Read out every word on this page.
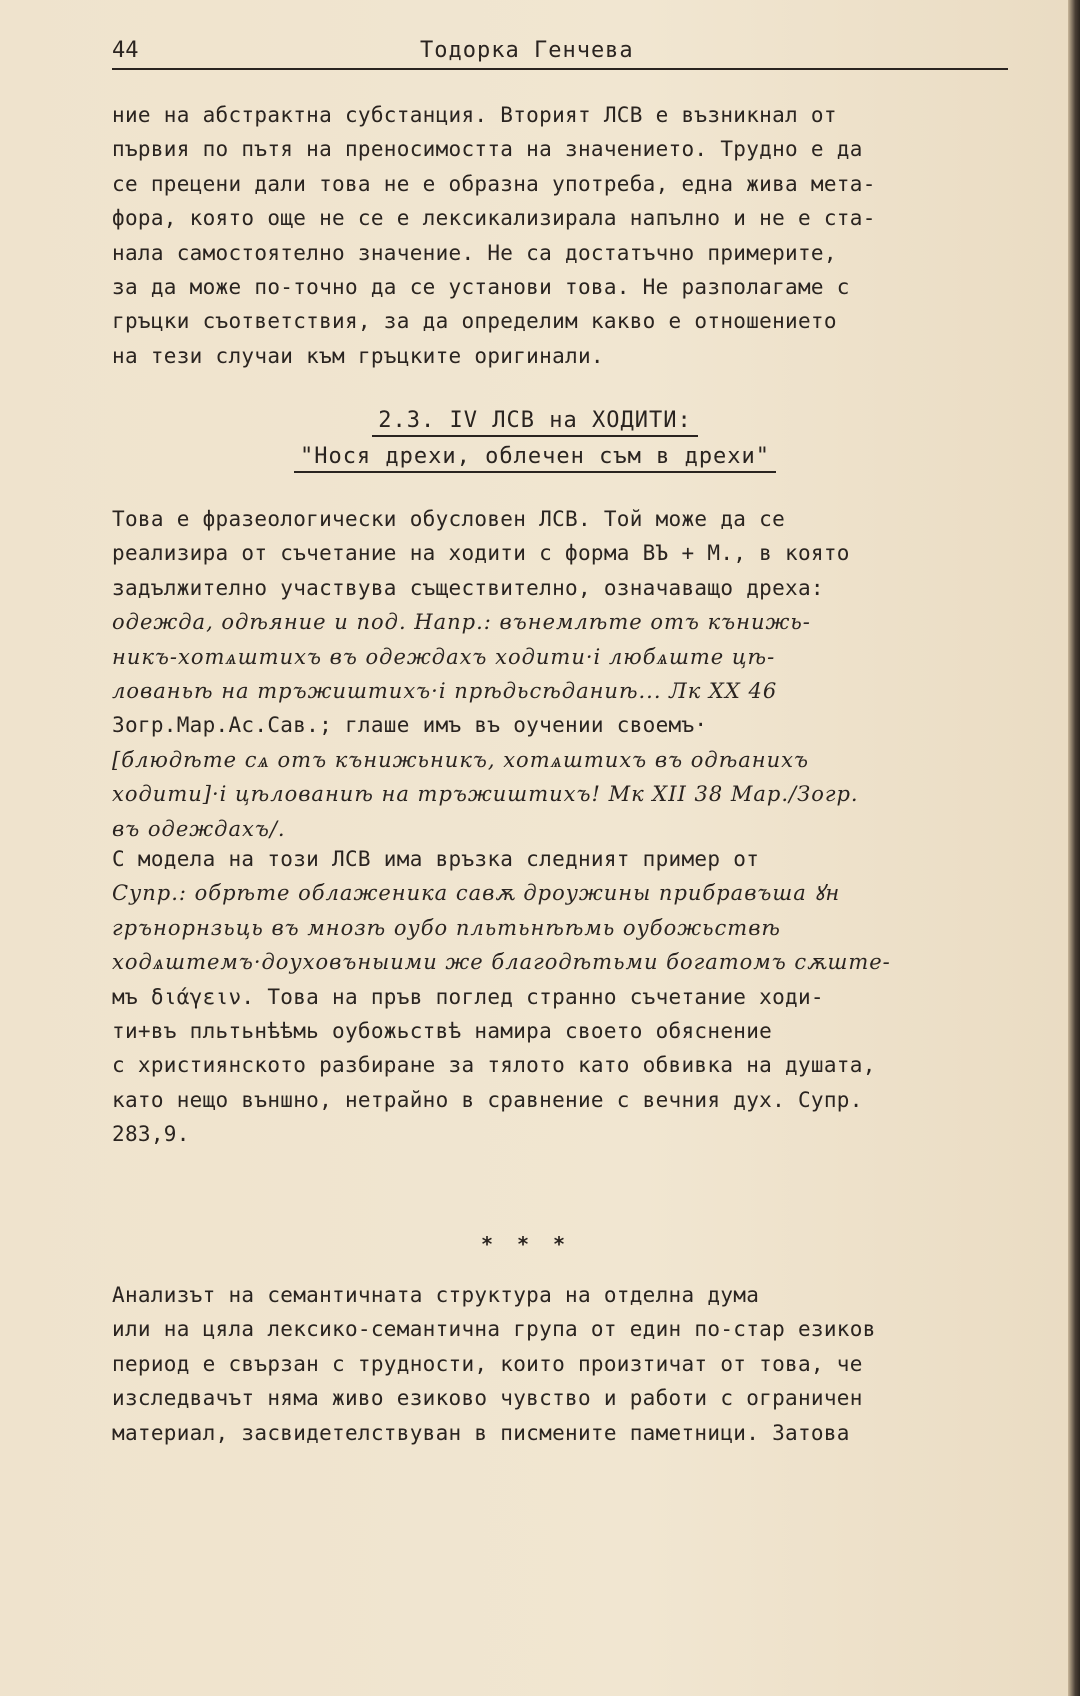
44	Тодорка Генчева
ние на абстрактна субстанция. Вторият ЛСВ е възникнал от
първия по пътя на преносимостта на значението. Трудно е да
се прецени дали това не е образна употреба, една жива мета-
фора, която още не се е лексикализирала напълно и не е ста-
нала самостоятелно значение. Не са достатъчно примерите,
за да може по-точно да се установи това. Не разполагаме с
гръцки съответствия, за да определим какво е отношението
на тези случаи към гръцките оригинали.
2.3. IV ЛСВ на ХОДИТИ:
"Нося дрехи, облечен съм в дрехи"
Това е фразеологически обусловен ЛСВ. Той може да се
реализира от съчетание на ходити с форма ВЪ + М., в която
задължително участвува съществително, означаващо дреха:
одежда, одѣяние и под. Напр.: вънемлѣте отъ кънижь-
никъ-хотѧштихъ въ одеждахъ ходити·і любѧште цѣ-
лованьѣ на тръжиштихъ·і прѣдьсѣданиѣ... Лк XX 46
Зогр.Мар.Ас.Сав.; глаше имъ въ оучении своемъ·
[блюдѣте сѧ отъ кънижьникъ, хотѧштихъ въ одѣанихъ
ходити]·і цѣлованиѣ на тръжиштихъ! Мк XII 38 Мар./Зогр.
въ одеждахъ/.
С модела на този ЛСВ има връзка следният пример от
Супр.: обрѣте облаженика савѫ дроужины прибравъша ꙋн
грънорнзьць въ мнозѣ оубо пльтьнѣѣмь оубожьствѣ
ходѧштемъ·доуховъныими же благодѣтьми богатомъ сѫште-
мъ διάγειν. Това на пръв поглед странно съчетание ходи-
ти+въ пльтьнѣѣмь оубожьствѣ намира своето обяснение
с християнското разбиране за тялото като обвивка на душата,
като нещо външно, нетрайно в сравнение с вечния дух. Супр.
283,9.
***
Анализът на семантичната структура на отделна дума
или на цяла лексико-семантична група от един по-стар езиков
период е свързан с трудности, които произтичат от това, че
изследвачът няма живо езиково чувство и работи с ограничен
материал, засвидетелствуван в писмените паметници. Затова
